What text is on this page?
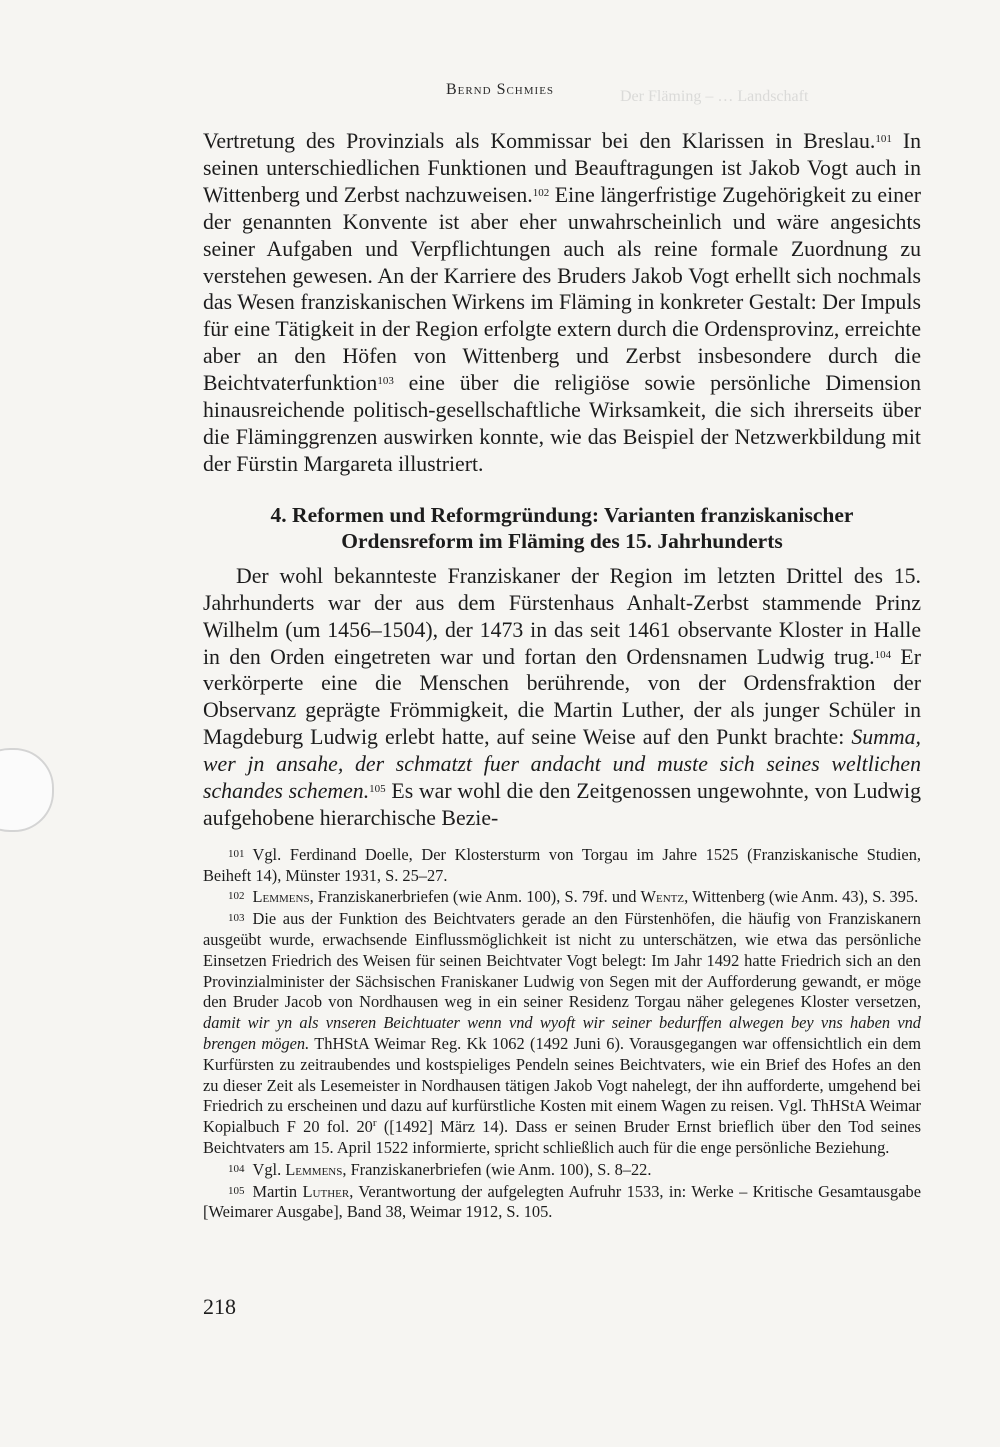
Bernd Schmies	Der Fläming – … Landschaft

Vertretung des Provinzials als Kommissar bei den Klarissen in Breslau.$^{101}$ In seinen unterschiedlichen Funktionen und Beauftragungen ist Jakob Vogt auch in Wittenberg und Zerbst nachzuweisen.$^{102}$ Eine längerfristige Zugehörigkeit zu einer der genannten Konvente ist aber eher unwahrscheinlich und wäre angesichts seiner Aufgaben und Verpflichtungen auch als reine formale Zuordnung zu verstehen gewesen. An der Karriere des Bruders Jakob Vogt erhellt sich nochmals das Wesen franziskanischen Wirkens im Fläming in konkreter Gestalt: Der Impuls für eine Tätigkeit in der Region erfolgte extern durch die Ordensprovinz, erreichte aber an den Höfen von Wittenberg und Zerbst insbesondere durch die Beichtvaterfunktion$^{103}$ eine über die religiöse sowie persönliche Dimension hinausreichende politisch-gesellschaftliche Wirksamkeit, die sich ihrerseits über die Fläminggrenzen auswirken konnte, wie das Beispiel der Netzwerkbildung mit der Fürstin Margareta illustriert.

4. Reformen und Reformgründung: Varianten franziskanischer
Ordensreform im Fläming des 15. Jahrhunderts

Der wohl bekannteste Franziskaner der Region im letzten Drittel des 15. Jahrhunderts war der aus dem Fürstenhaus Anhalt-Zerbst stammende Prinz Wilhelm (um 1456–1504), der 1473 in das seit 1461 observante Kloster in Halle in den Orden eingetreten war und fortan den Ordensnamen Ludwig trug.$^{104}$ Er verkörperte eine die Menschen berührende, von der Ordensfraktion der Observanz geprägte Frömmigkeit, die Martin Luther, der als junger Schüler in Magdeburg Ludwig erlebt hatte, auf seine Weise auf den Punkt brachte: Summa, wer jn ansahe, der schmatzt fuer andacht und muste sich seines weltlichen schandes schemen.$^{105}$ Es war wohl die den Zeitgenossen ungewohnte, von Ludwig aufgehobene hierarchische Bezie-

101 Vgl. Ferdinand Doelle, Der Klostersturm von Torgau im Jahre 1525 (Franziskanische Studien, Beiheft 14), Münster 1931, S. 25–27.

102 Lemmens, Franziskanerbriefen (wie Anm. 100), S. 79f. und Wentz, Wittenberg (wie Anm. 43), S. 395.

103 Die aus der Funktion des Beichtvaters gerade an den Fürstenhöfen, die häufig von Franziskanern ausgeübt wurde, erwachsende Einflussmöglichkeit ist nicht zu unterschätzen, wie etwa das persönliche Einsetzen Friedrich des Weisen für seinen Beichtvater Vogt belegt: Im Jahr 1492 hatte Friedrich sich an den Provinzialminister der Sächsischen Franiskaner Ludwig von Segen mit der Aufforderung gewandt, er möge den Bruder Jacob von Nordhausen weg in ein seiner Residenz Torgau näher gelegenes Kloster versetzen, damit wir yn als vnseren Beichtuater wenn vnd wyoft wir seiner bedurffen alwegen bey vns haben vnd brengen mögen. ThHStA Weimar Reg. Kk 1062 (1492 Juni 6). Vorausgegangen war offensichtlich ein dem Kurfürsten zu zeitraubendes und kostspieliges Pendeln seines Beichtvaters, wie ein Brief des Hofes an den zu dieser Zeit als Lesemeister in Nordhausen tätigen Jakob Vogt nahelegt, der ihn aufforderte, umgehend bei Friedrich zu erscheinen und dazu auf kurfürstliche Kosten mit einem Wagen zu reisen. Vgl. ThHStA Weimar Kopialbuch F 20 fol. 20$^r$ ([1492] März 14). Dass er seinen Bruder Ernst brieflich über den Tod seines Beichtvaters am 15. April 1522 informierte, spricht schließlich auch für die enge persönliche Beziehung.

104 Vgl. Lemmens, Franziskanerbriefen (wie Anm. 100), S. 8–22.

105 Martin Luther, Verantwortung der aufgelegten Aufruhr 1533, in: Werke – Kritische Gesamtausgabe [Weimarer Ausgabe], Band 38, Weimar 1912, S. 105.

218
